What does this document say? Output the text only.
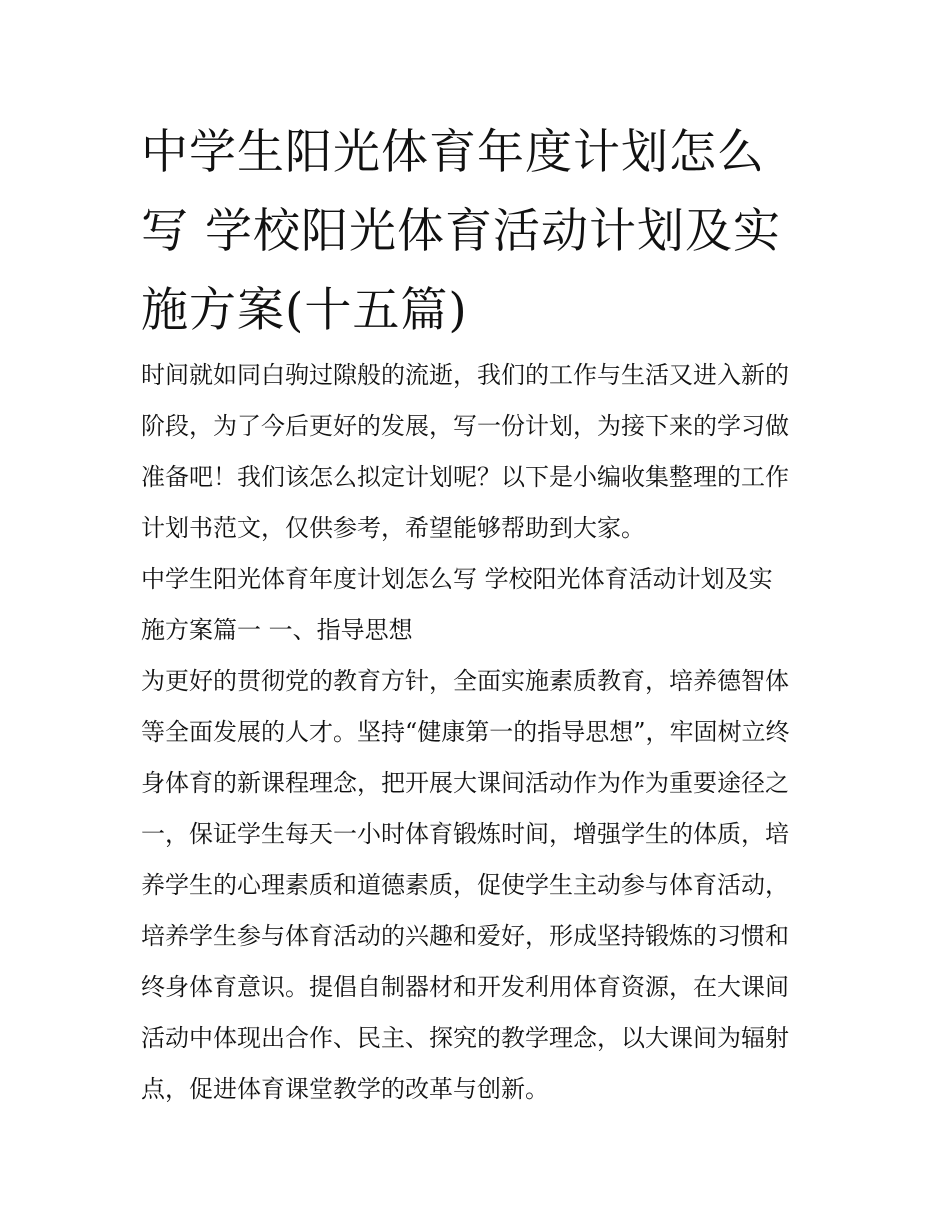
中学生阳光体育年度计划怎么
写 学校阳光体育活动计划及实
施方案(十五篇)

时间就如同白驹过隙般的流逝，我们的工作与生活又进入新的
阶段，为了今后更好的发展，写一份计划，为接下来的学习做
准备吧！我们该怎么拟定计划呢？以下是小编收集整理的工作
计划书范文，仅供参考，希望能够帮助到大家。

中学生阳光体育年度计划怎么写 学校阳光体育活动计划及实
施方案篇一 一、指导思想

为更好的贯彻党的教育方针，全面实施素质教育，培养德智体
等全面发展的人才。坚持“健康第一的指导思想”，牢固树立终
身体育的新课程理念，把开展大课间活动作为作为重要途径之
一，保证学生每天一小时体育锻炼时间，增强学生的体质，培
养学生的心理素质和道德素质，促使学生主动参与体育活动，
培养学生参与体育活动的兴趣和爱好，形成坚持锻炼的习惯和
终身体育意识。提倡自制器材和开发利用体育资源，在大课间
活动中体现出合作、民主、探究的教学理念，以大课间为辐射
点，促进体育课堂教学的改革与创新。
